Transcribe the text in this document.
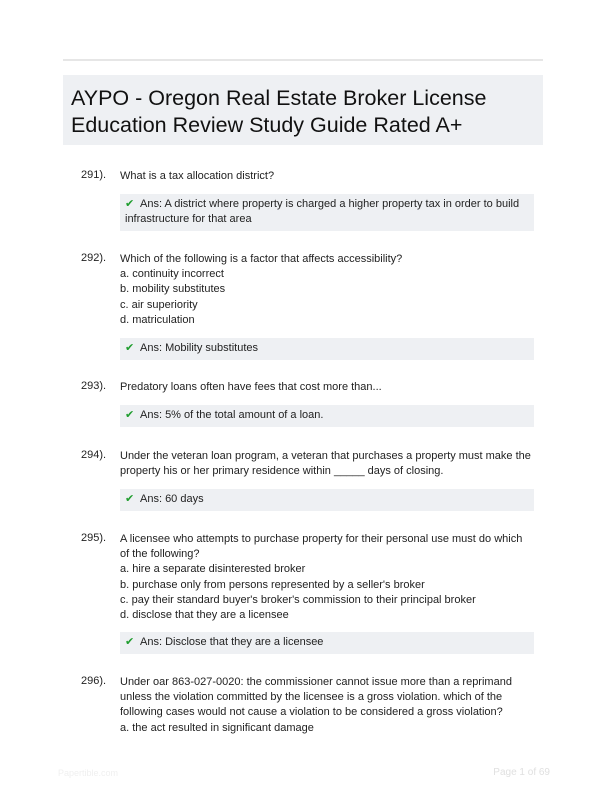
AYPO - Oregon Real Estate Broker License Education Review Study Guide Rated A+
291). What is a tax allocation district?
✔ Ans: A district where property is charged a higher property tax in order to build infrastructure for that area
292). Which of the following is a factor that affects accessibility?
a. continuity incorrect
b. mobility substitutes
c. air superiority
d. matriculation
✔ Ans: Mobility substitutes
293). Predatory loans often have fees that cost more than...
✔ Ans: 5% of the total amount of a loan.
294). Under the veteran loan program, a veteran that purchases a property must make the property his or her primary residence within _____ days of closing.
✔ Ans: 60 days
295). A licensee who attempts to purchase property for their personal use must do which of the following?
a. hire a separate disinterested broker
b. purchase only from persons represented by a seller's broker
c. pay their standard buyer's broker's commission to their principal broker
d. disclose that they are a licensee
✔ Ans: Disclose that they are a licensee
296). Under oar 863-027-0020: the commissioner cannot issue more than a reprimand unless the violation committed by the licensee is a gross violation. which of the following cases would not cause a violation to be considered a gross violation?
a. the act resulted in significant damage
Papertible.com	Page 1 of 69
